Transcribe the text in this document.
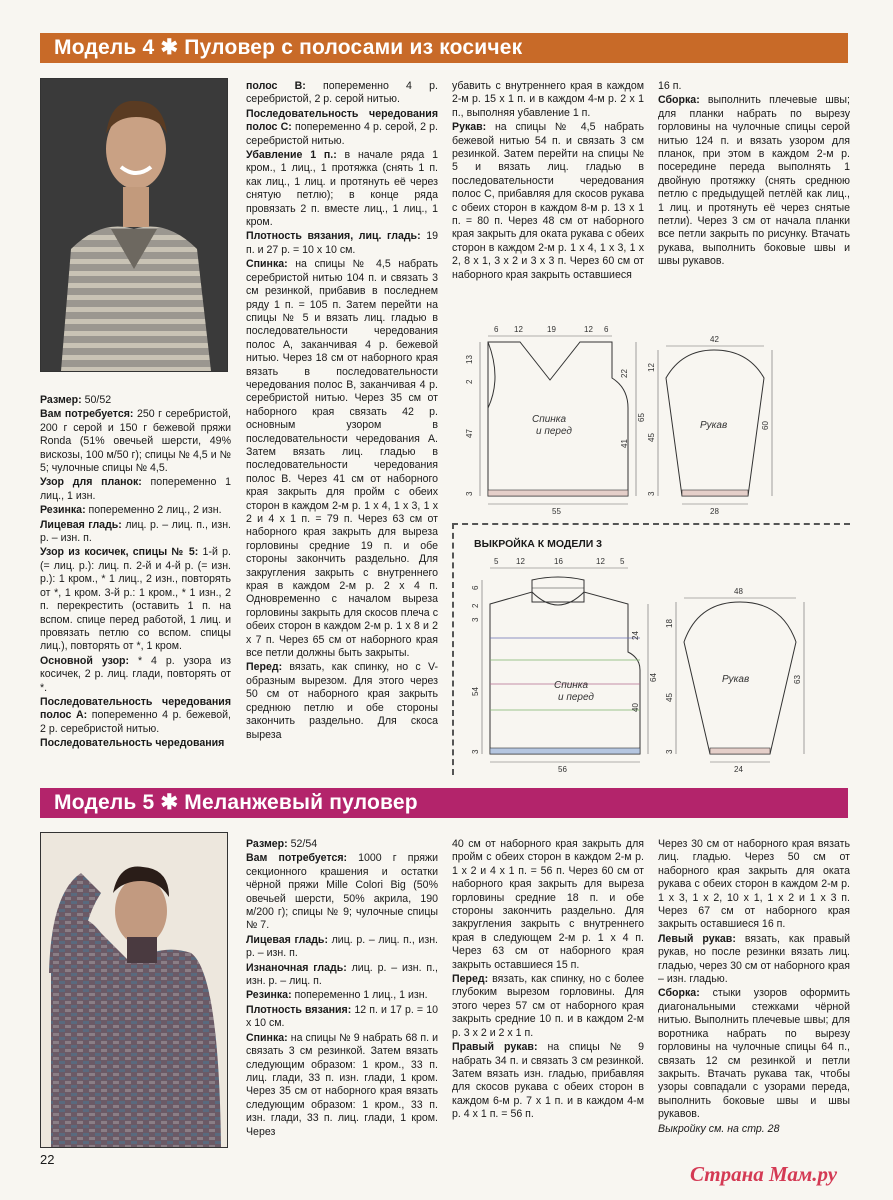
Модель 4 ✱ Пуловер с полосами из косичек

Размер: 50/52

Вам потребуется: 250 г серебристой, 200 г серой и 150 г бежевой пряжи Ronda (51% овечьей шерсти, 49% вискозы, 100 м/50 г); спицы № 4,5 и № 5; чулочные спицы № 4,5.

Узор для планок: попеременно 1 лиц., 1 изн.

Резинка: попеременно 2 лиц., 2 изн.

Лицевая гладь: лиц. р. – лиц. п., изн. р. – изн. п.

Узор из косичек, спицы № 5: 1-й р. (= лиц. р.): лиц. п. 2-й и 4-й р. (= изн. р.): 1 кром., * 1 лиц., 2 изн., повторять от *, 1 кром. 3-й р.: 1 кром., * 1 изн., 2 п. перекрестить (оставить 1 п. на вспом. спице перед работой, 1 лиц. и провязать петлю со вспом. спицы лиц.), повторять от *, 1 кром.

Основной узор: * 4 р. узора из косичек, 2 р. лиц. глади, повторять от *.

Последовательность чередования полос А: попеременно 4 р. бежевой, 2 р. серебристой нитью.

Последовательность чередования

полос В: попеременно 4 р. серебристой, 2 р. серой нитью.

Последовательность чередования полос С: попеременно 4 р. серой, 2 р. серебристой нитью.

Убавление 1 п.: в начале ряда 1 кром., 1 лиц., 1 протяжка (снять 1 п. как лиц., 1 лиц. и протянуть её через снятую петлю); в конце ряда провязать 2 п. вместе лиц., 1 лиц., 1 кром.

Плотность вязания, лиц. гладь: 19 п. и 27 р. = 10 х 10 см.

Спинка: на спицы № 4,5 набрать серебристой нитью 104 п. и связать 3 см резинкой, прибавив в последнем ряду 1 п. = 105 п. Затем перейти на спицы № 5 и вязать лиц. гладью в последовательности чередования полос А, заканчивая 4 р. бежевой нитью. Через 18 см от наборного края вязать в последовательности чередования полос В, заканчивая 4 р. серебристой нитью. Через 35 см от наборного края связать 42 р. основным узором в последовательности чередования А. Затем вязать лиц. гладью в последовательности чередования полос В. Через 41 см от наборного края закрыть для пройм с обеих сторон в каждом 2-м р. 1 х 4, 1 х 3, 1 х 2 и 4 х 1 п. = 79 п. Через 63 см от наборного края закрыть для выреза горловины средние 19 п. и обе стороны закончить раздельно. Для закругления закрыть с внутреннего края в каждом 2-м р. 2 х 4 п. Одновременно с началом выреза горловины закрыть для скосов плеча с обеих сторон в каждом 2-м р. 1 х 8 и 2 х 7 п. Через 65 см от наборного края все петли должны быть закрыты.

Перед: вязать, как спинку, но с V-образным вырезом. Для этого через 50 см от наборного края закрыть среднюю петлю и обе стороны закончить раздельно. Для скоса выреза

убавить с внутреннего края в каждом 2-м р. 15 х 1 п. и в каждом 4-м р. 2 х 1 п., выполняя убавление 1 п.

Рукав: на спицы № 4,5 набрать бежевой нитью 54 п. и связать 3 см резинкой. Затем перейти на спицы № 5 и вязать лиц. гладью в последовательности чередования полос С, прибавляя для скосов рукава с обеих сторон в каждом 8-м р. 13 х 1 п. = 80 п. Через 48 см от наборного края закрыть для оката рукава с обеих сторон в каждом 2-м р. 1 х 4, 1 х 3, 1 х 2, 8 х 1, 3 х 2 и 3 х 3 п. Через 60 см от наборного края закрыть оставшиеся

16 п.

Сборка: выполнить плечевые швы; для планки набрать по вырезу горловины на чулочные спицы серой нитью 124 п. и вязать узором для планок, при этом в каждом 2-м р. посередине переда выполнять 1 двойную протяжку (снять среднюю петлю с предыдущей петлёй как лиц., 1 лиц. и протянуть её через снятые петли). Через 3 см от начала планки все петли закрыть по рисунку. Втачать рукава, выполнить боковые швы и швы рукавов.

6 12	19	12 6
Спинка
и перед
55
13
2
47
3
22
65
41
42
Рукав
28
12
45
3
60
ВЫКРОЙКА К МОДЕЛИ 3
5 12	16	12 5
Спинка
и перед
56
6
2
3
54
3
24
64
40
48
Рукав
24
18
45
3
63
Модель 5 ✱ Меланжевый пуловер

Размер: 52/54

Вам потребуется: 1000 г пряжи секционного крашения и остатки чёрной пряжи Mille Colori Big (50% овечьей шерсти, 50% акрила, 190 м/200 г); спицы № 9; чулочные спицы № 7.

Лицевая гладь: лиц. р. – лиц. п., изн. р. – изн. п.

Изнаночная гладь: лиц. р. – изн. п., изн. р. – лиц. п.

Резинка: попеременно 1 лиц., 1 изн.

Плотность вязания: 12 п. и 17 р. = 10 х 10 см.

Спинка: на спицы № 9 набрать 68 п. и связать 3 см резинкой. Затем вязать следующим образом: 1 кром., 33 п. лиц. глади, 33 п. изн. глади, 1 кром. Через 35 см от наборного края вязать следующим образом: 1 кром., 33 п. изн. глади, 33 п. лиц. глади, 1 кром. Через

40 см от наборного края закрыть для пройм с обеих сторон в каждом 2-м р. 1 х 2 и 4 х 1 п. = 56 п. Через 60 см от наборного края закрыть для выреза горловины средние 18 п. и обе стороны закончить раздельно. Для закругления закрыть с внутреннего края в следующем 2-м р. 1 х 4 п. Через 63 см от наборного края закрыть оставшиеся 15 п.

Перед: вязать, как спинку, но с более глубоким вырезом горловины. Для этого через 57 см от наборного края закрыть средние 10 п. и в каждом 2-м р. 3 х 2 и 2 х 1 п.

Правый рукав: на спицы № 9 набрать 34 п. и связать 3 см резинкой. Затем вязать изн. гладью, прибавляя для скосов рукава с обеих сторон в каждом 6-м р. 7 х 1 п. и в каждом 4-м р. 4 х 1 п. = 56 п.

Через 30 см от наборного края вязать лиц. гладью. Через 50 см от наборного края закрыть для оката рукава с обеих сторон в каждом 2-м р. 1 х 3, 1 х 2, 10 х 1, 1 х 2 и 1 х 3 п. Через 67 см от наборного края закрыть оставшиеся 16 п.

Левый рукав: вязать, как правый рукав, но после резинки вязать лиц. гладью, через 30 см от наборного края – изн. гладью.

Сборка: стыки узоров оформить диагональными стежками чёрной нитью. Выполнить плечевые швы; для воротника набрать по вырезу горловины на чулочные спицы 64 п., связать 12 см резинкой и петли закрыть. Втачать рукава так, чтобы узоры совпадали с узорами переда, выполнить боковые швы и швы рукавов.

Выкройку см. на стр. 28

22
Страна Мам.ру
